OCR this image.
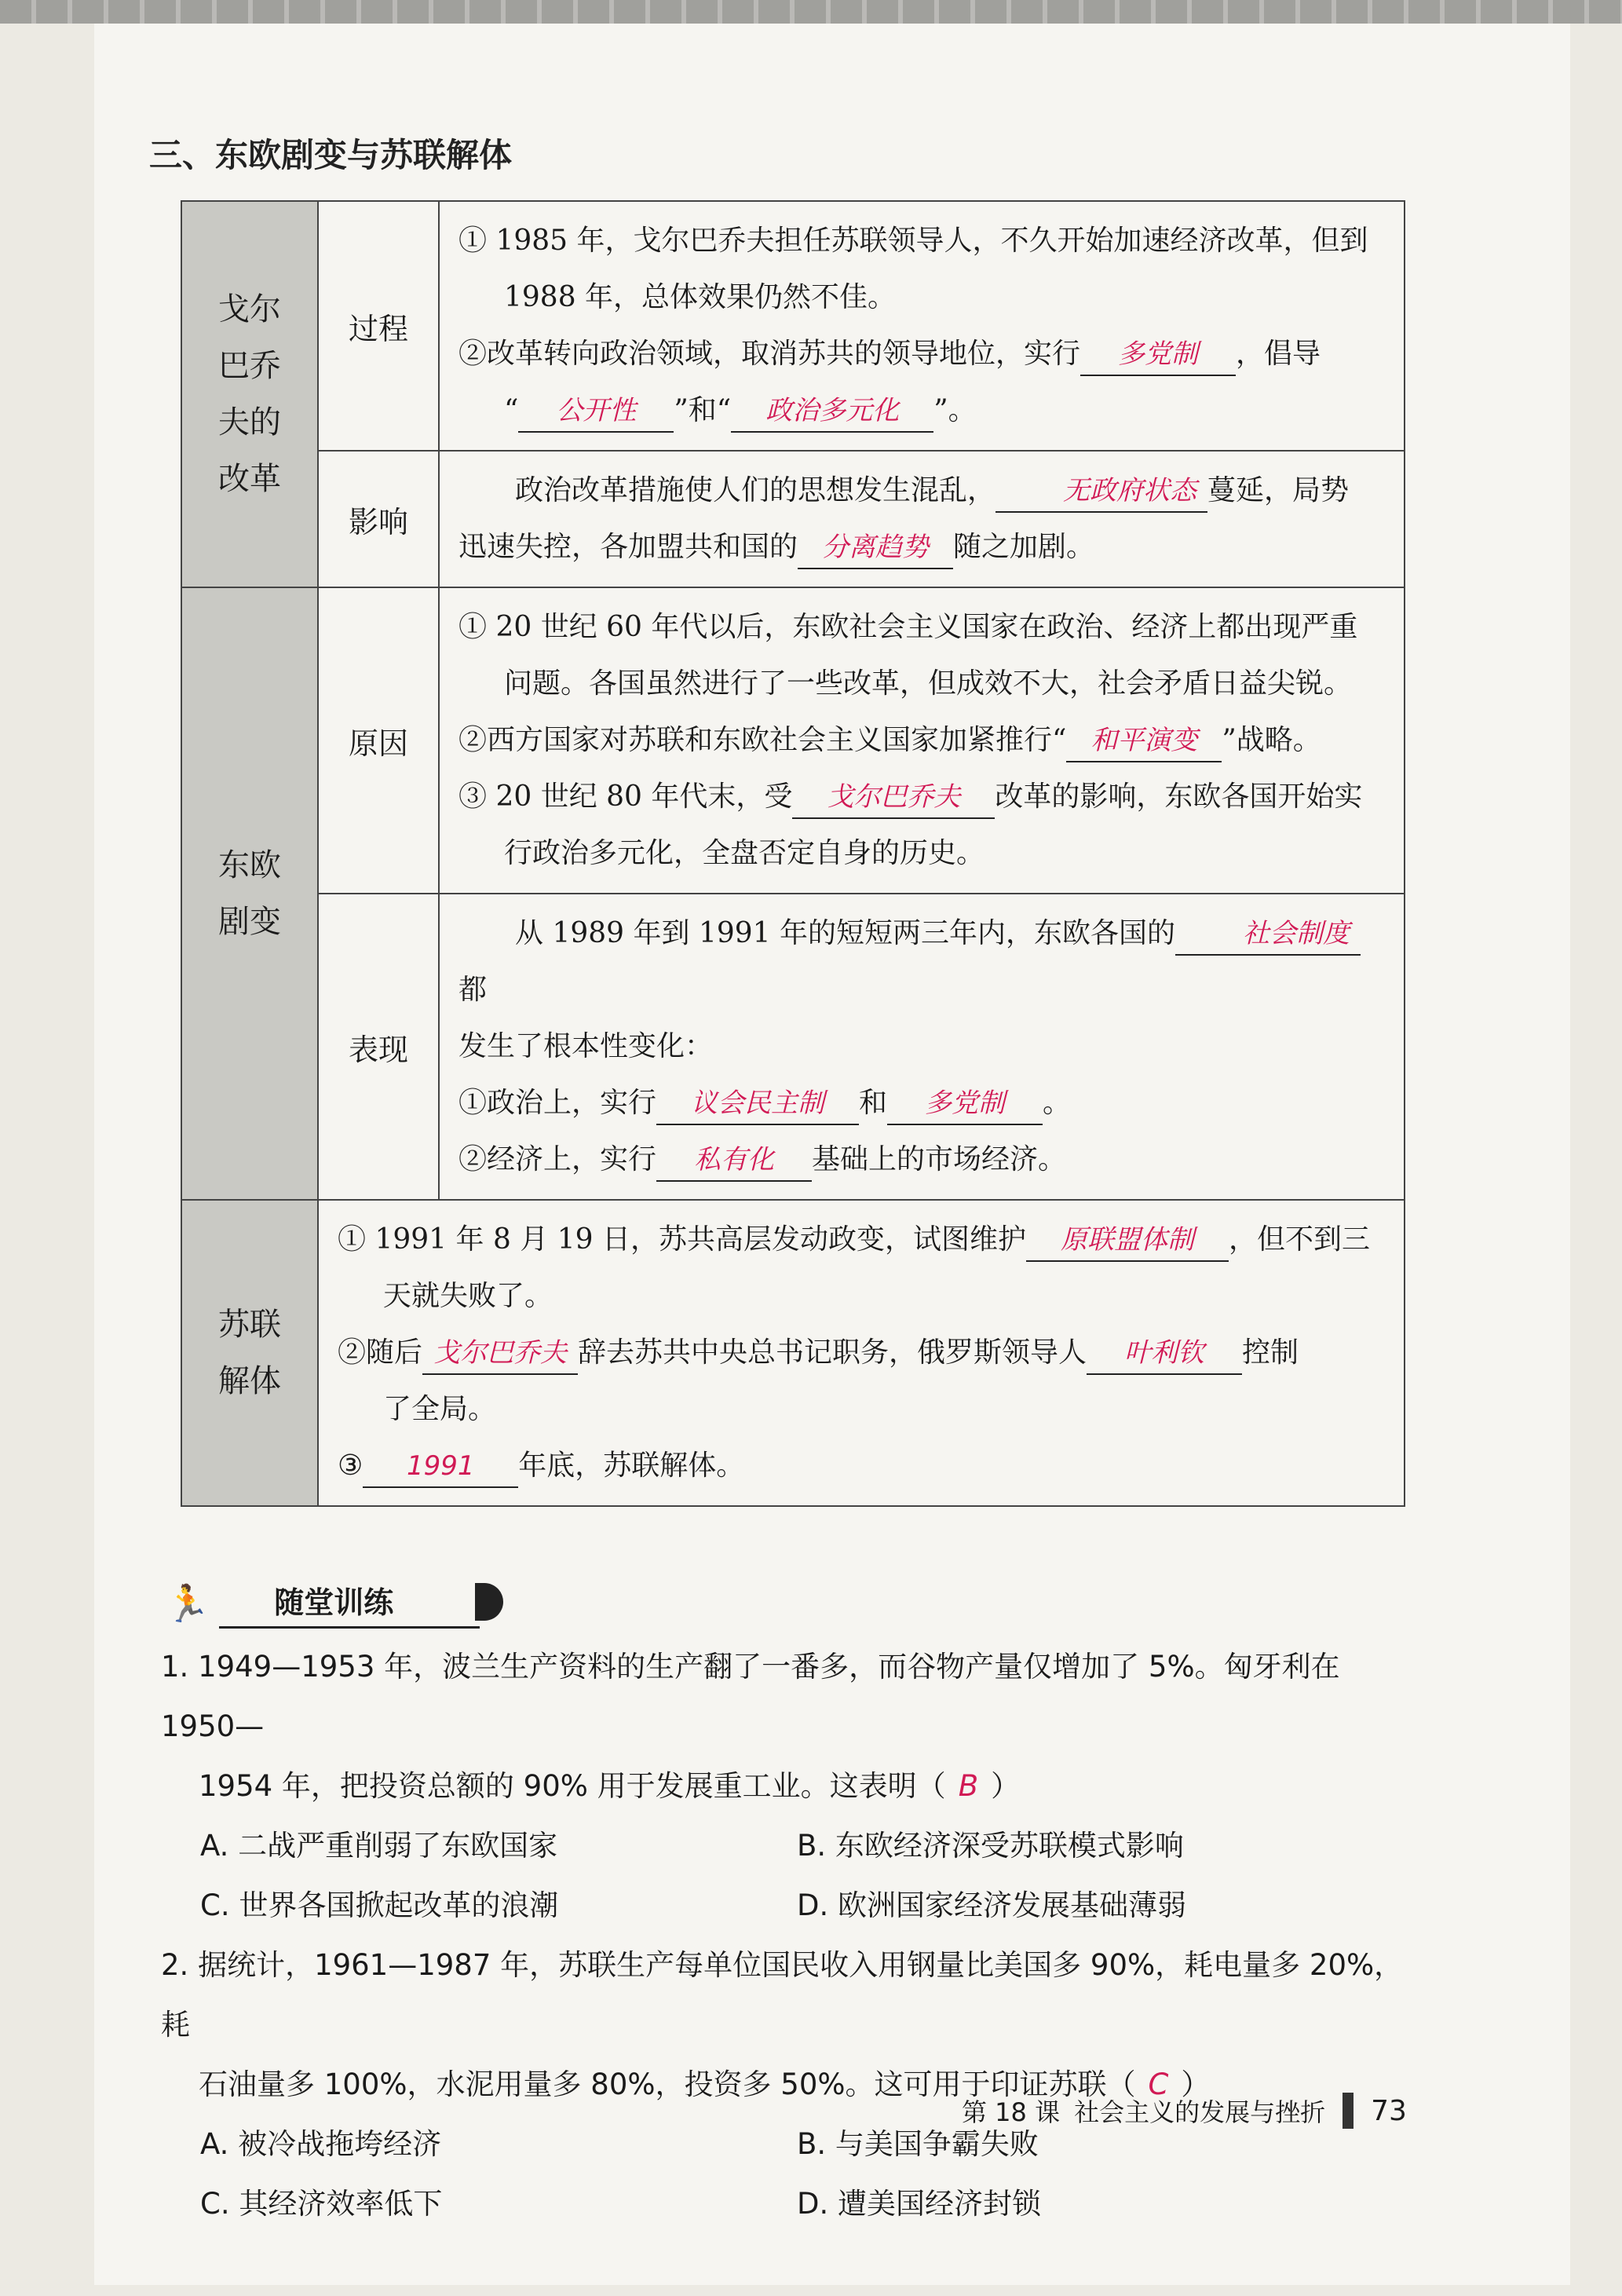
三、东欧剧变与苏联解体
戈尔
巴乔
夫的
改革	过程	① 1985 年，戈尔巴乔夫担任苏联领导人，不久开始加速经济改革，但到
1988 年，总体效果仍然不佳。
②改革转向政治领域，取消苏共的领导地位，实行 多党制 ，倡导
“ 公开性 ”和“ 政治多元化 ”。

	影响	政治改革措施使人们的思想发生混乱， 无政府状态 蔓延，局势
迅速失控，各加盟共和国的 分离趋势 随之加剧。

东欧
剧变	原因	① 20 世纪 60 年代以后，东欧社会主义国家在政治、经济上都出现严重
问题。各国虽然进行了一些改革，但成效不大，社会矛盾日益尖锐。
②西方国家对苏联和东欧社会主义国家加紧推行“ 和平演变 ”战略。
③ 20 世纪 80 年代末，受 戈尔巴乔夫 改革的影响，东欧各国开始实
行政治多元化，全盘否定自身的历史。

	表现	从 1989 年到 1991 年的短短两三年内，东欧各国的 社会制度都
发生了根本性变化：
①政治上，实行 议会民主制 和 多党制 。
②经济上，实行 私有化 基础上的市场经济。

苏联
解体	① 1991 年 8 月 19 日，苏共高层发动政变，试图维护 原联盟体制 ，但不到三
天就失败了。
②随后 戈尔巴乔夫 辞去苏共中央总书记职务，俄罗斯领导人 叶利钦 控制
了全局。
③ 1991 年底，苏联解体。	
🏃	随堂训练
1. 1949—1953 年，波兰生产资料的生产翻了一番多，而谷物产量仅增加了 5%。匈牙利在 1950—
1954 年，把投资总额的 90% 用于发展重工业。这表明（ B ）
A. 二战严重削弱了东欧国家	B. 东欧经济深受苏联模式影响
C. 世界各国掀起改革的浪潮	D. 欧洲国家经济发展基础薄弱
2. 据统计，1961—1987 年，苏联生产每单位国民收入用钢量比美国多 90%，耗电量多 20%，耗
石油量多 100%，水泥用量多 80%，投资多 50%。这可用于印证苏联（ C ）
A. 被冷战拖垮经济	B. 与美国争霸失败
C. 其经济效率低下	D. 遭美国经济封锁
第 18 课 社会主义的发展与挫折 73
